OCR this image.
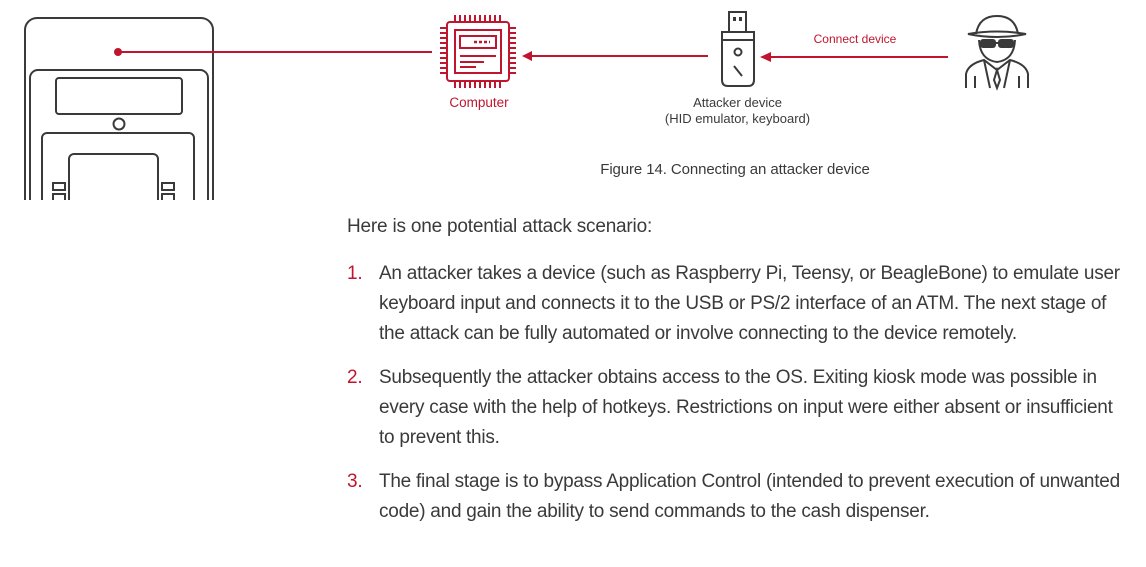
Connect device
Computer	Attacker device
(HID emulator, keyboard)
Figure 14. Connecting an attacker device
Here is one potential attack scenario:
1. An attacker takes a device (such as Raspberry Pi, Teensy, or BeagleBone) to emulate user keyboard input and connects it to the USB or PS/2 interface of an ATM. The next stage of the attack can be fully automated or involve connecting to the device remotely.
2. Subsequently the attacker obtains access to the OS. Exiting kiosk mode was possible in every case with the help of hotkeys. Restrictions on input were either absent or insufficient to prevent this.
3. The final stage is to bypass Application Control (intended to prevent execution of unwanted code) and gain the ability to send commands to the cash dispenser.
